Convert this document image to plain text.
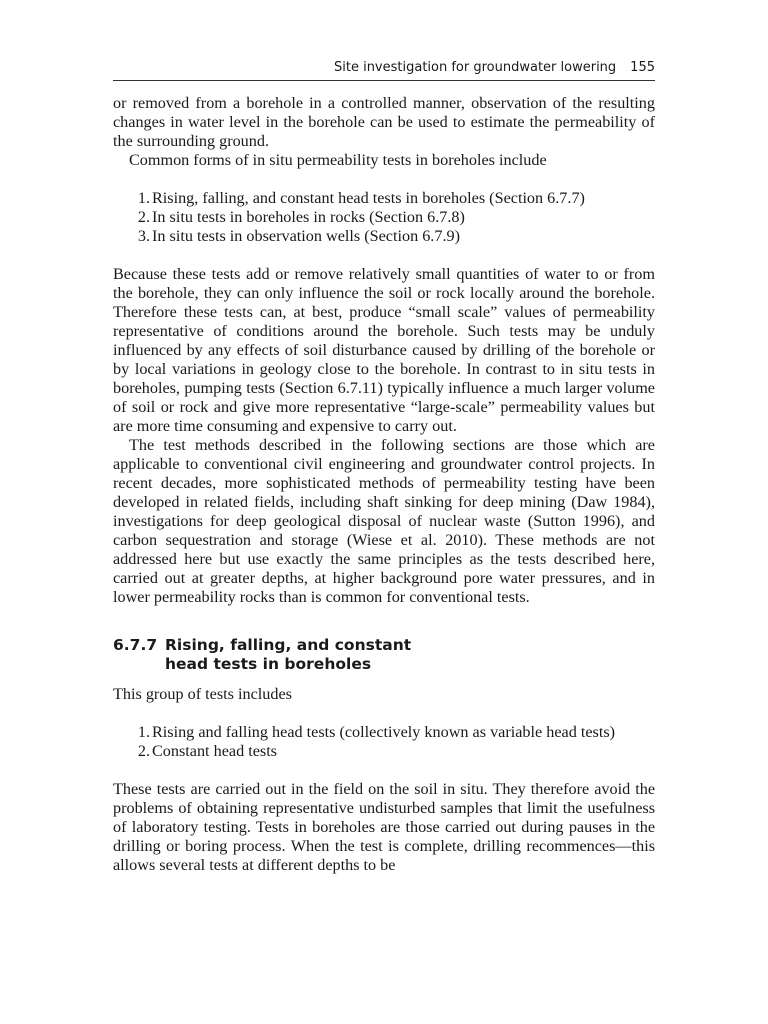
Site investigation for groundwater lowering 155

or removed from a borehole in a controlled manner, observation of the resulting changes in water level in the borehole can be used to estimate the permeability of the surrounding ground.

Common forms of in situ permeability tests in boreholes include

1. Rising, falling, and constant head tests in boreholes (Section 6.7.7)
2. In situ tests in boreholes in rocks (Section 6.7.8)
3. In situ tests in observation wells (Section 6.7.9)

Because these tests add or remove relatively small quantities of water to or from the borehole, they can only influence the soil or rock locally around the borehole. Therefore these tests can, at best, produce “small scale” values of permeability representative of conditions around the borehole. Such tests may be unduly influenced by any effects of soil disturbance caused by drilling of the borehole or by local variations in geology close to the borehole. In contrast to in situ tests in boreholes, pumping tests (Section 6.7.11) typically influence a much larger volume of soil or rock and give more representative “large-scale” permeability values but are more time consuming and expensive to carry out.

The test methods described in the following sections are those which are applicable to conventional civil engineering and groundwater control projects. In recent decades, more sophisticated methods of permeability testing have been developed in related fields, including shaft sinking for deep mining (Daw 1984), investigations for deep geological disposal of nuclear waste (Sutton 1996), and carbon sequestration and storage (Wiese et al. 2010). These methods are not addressed here but use exactly the same principles as the tests described here, carried out at greater depths, at higher background pore water pressures, and in lower permeability rocks than is common for conventional tests.

6.7.7 Rising, falling, and constant head tests in boreholes

This group of tests includes

1. Rising and falling head tests (collectively known as variable head tests)
2. Constant head tests

These tests are carried out in the field on the soil in situ. They therefore avoid the problems of obtaining representative undisturbed samples that limit the usefulness of laboratory testing. Tests in boreholes are those carried out during pauses in the drilling or boring process. When the test is complete, drilling recommences—this allows several tests at different depths to be
